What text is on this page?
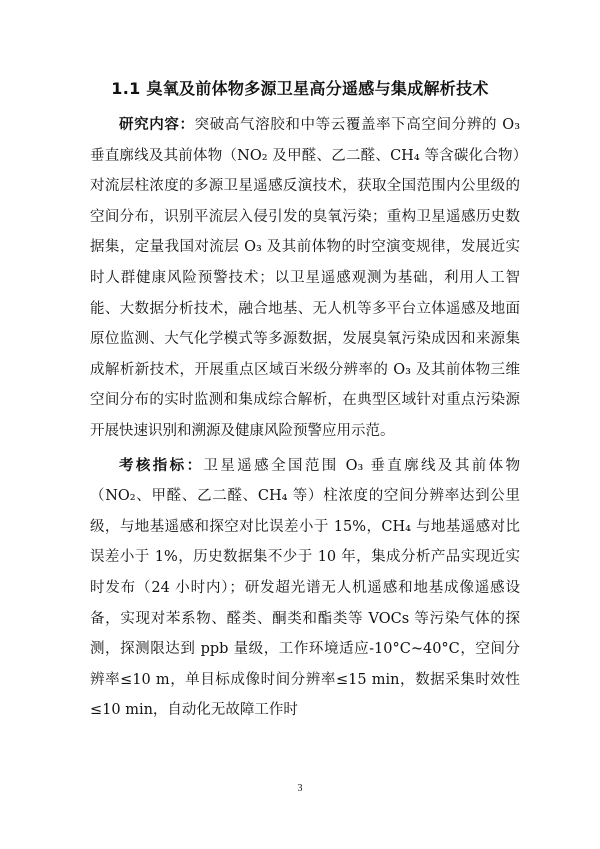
1.1 臭氧及前体物多源卫星高分遥感与集成解析技术

研究内容：突破高气溶胶和中等云覆盖率下高空间分辨的 O₃ 垂直廓线及其前体物（NO₂ 及甲醛、乙二醛、CH₄ 等含碳化合物）对流层柱浓度的多源卫星遥感反演技术，获取全国范围内公里级的空间分布，识别平流层入侵引发的臭氧污染；重构卫星遥感历史数据集，定量我国对流层 O₃ 及其前体物的时空演变规律，发展近实时人群健康风险预警技术；以卫星遥感观测为基础，利用人工智能、大数据分析技术，融合地基、无人机等多平台立体遥感及地面原位监测、大气化学模式等多源数据，发展臭氧污染成因和来源集成解析新技术，开展重点区域百米级分辨率的 O₃ 及其前体物三维空间分布的实时监测和集成综合解析，在典型区域针对重点污染源开展快速识别和溯源及健康风险预警应用示范。

考核指标：卫星遥感全国范围 O₃ 垂直廓线及其前体物（NO₂、甲醛、乙二醛、CH₄ 等）柱浓度的空间分辨率达到公里级，与地基遥感和探空对比误差小于 15%，CH₄ 与地基遥感对比误差小于 1%，历史数据集不少于 10 年，集成分析产品实现近实时发布（24 小时内）；研发超光谱无人机遥感和地基成像遥感设备，实现对苯系物、醛类、酮类和酯类等 VOCs 等污染气体的探测，探测限达到 ppb 量级，工作环境适应-10°C~40°C，空间分辨率≤10 m，单目标成像时间分辨率≤15 min，数据采集时效性≤10 min，自动化无故障工作时

3
